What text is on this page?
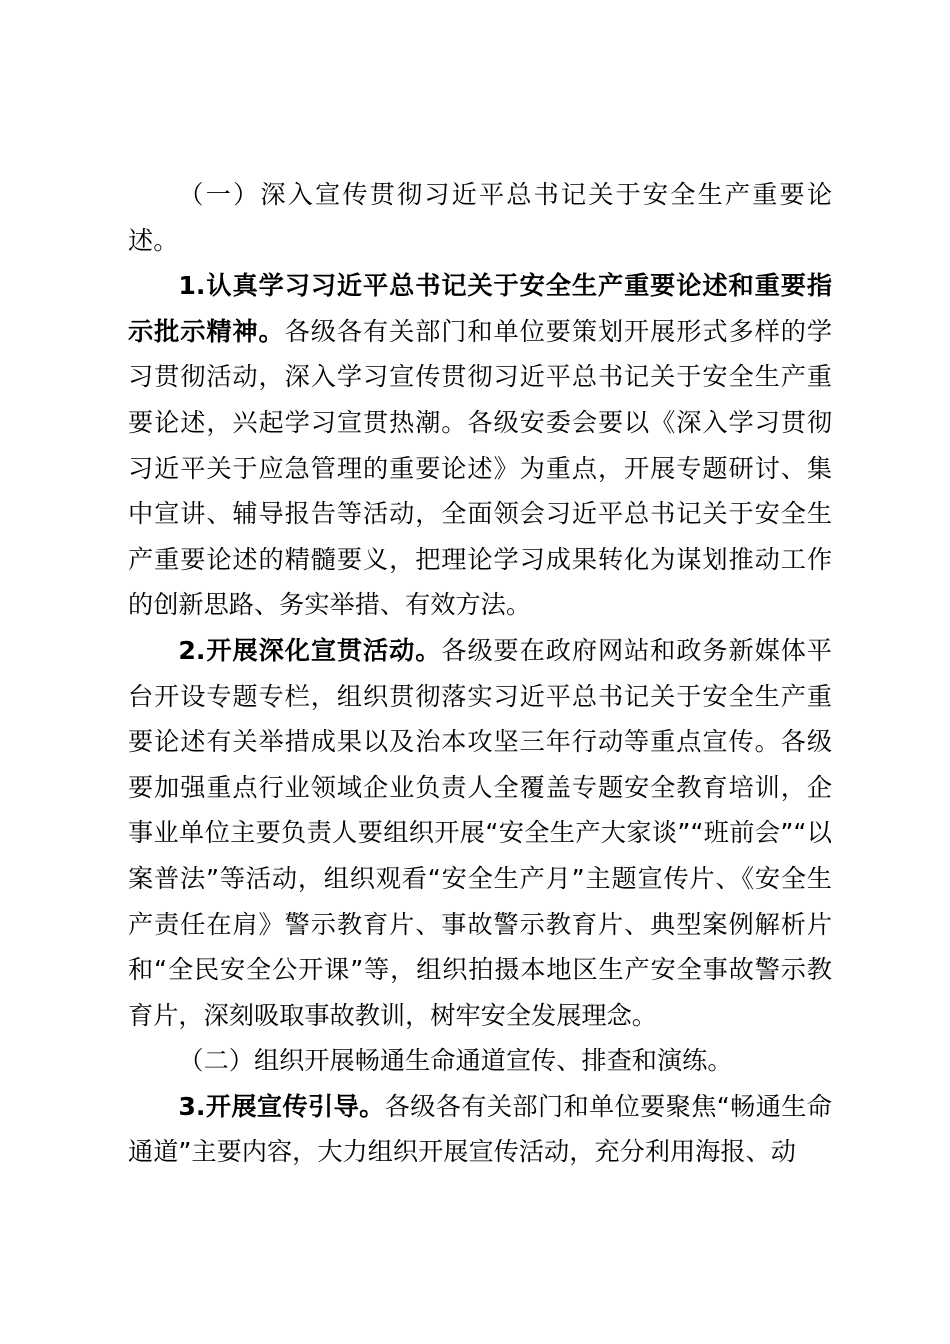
（一）深入宣传贯彻习近平总书记关于安全生产重要论述。

1.认真学习习近平总书记关于安全生产重要论述和重要指示批示精神。各级各有关部门和单位要策划开展形式多样的学习贯彻活动，深入学习宣传贯彻习近平总书记关于安全生产重要论述，兴起学习宣贯热潮。各级安委会要以《深入学习贯彻习近平关于应急管理的重要论述》为重点，开展专题研讨、集中宣讲、辅导报告等活动，全面领会习近平总书记关于安全生产重要论述的精髓要义，把理论学习成果转化为谋划推动工作的创新思路、务实举措、有效方法。

2.开展深化宣贯活动。各级要在政府网站和政务新媒体平台开设专题专栏，组织贯彻落实习近平总书记关于安全生产重要论述有关举措成果以及治本攻坚三年行动等重点宣传。各级要加强重点行业领域企业负责人全覆盖专题安全教育培训，企事业单位主要负责人要组织开展“安全生产大家谈”“班前会”“以案普法”等活动，组织观看“安全生产月”主题宣传片、《安全生产责任在肩》警示教育片、事故警示教育片、典型案例解析片和“全民安全公开课”等，组织拍摄本地区生产安全事故警示教育片，深刻吸取事故教训，树牢安全发展理念。

（二）组织开展畅通生命通道宣传、排查和演练。

3.开展宣传引导。各级各有关部门和单位要聚焦“畅通生命通道”主要内容，大力组织开展宣传活动，充分利用海报、动
